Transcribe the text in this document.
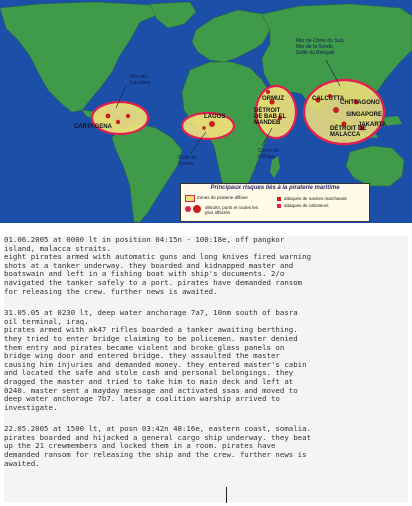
Mer des
Caraïbes
CARTAGENA
Golfe de
Guinée
LAGOS
Corne de
l'Afrique
Mer de Chine du Sud,
Mer de la Sonde,
Golfe du Bengale
ORMUZ
DÉTROIT
DE BAB EL
MANDEB
CALCUTTA
CHITTAGONG
SINGAPORE
DÉTROIT DE
MALACCA
JAKARTA
Principaux risques liés à la piraterie maritime
Zones de piraterie diffuse
détroits, ports et routes les plus affectés
attaques de navires marchands
attaques de caboteurs
01.06.2005 at 0000 lt in position 04:15n - 100:18e, off pangkor
island, malacca straits.
eight pirates armed with automatic guns and long knives fired warning
shots at a tanker underway. they boarded and kidnapped master and
boatswain and left in a fishing boat with ship's documents. 2/o
navigated the tanker safely to a port. pirates have demanded ransom
for releasing the crew. further news is awaited.
31.05.05 at 0230 lt, deep water anchorage 7a7, 10nm south of basra
oil terminal, iraq.
pirates armed with ak47 rifles boarded a tanker awaiting berthing.
they tried to enter bridge claiming to be policemen. master denied
them entry and pirates became violent and broke glass panels on
bridge wing door and entered bridge. they assaulted the master
causing him injuries and demanded money. they entered master's cabin
and located the safe and stole cash and personal belongings. they
dragged the master and tried to take him to main deck and left at
0240. master sent a mayday message and activated ssas and moved to
deep water anchorage 7b7. later a coalition warship arrived to
investigate.
22.05.2005 at 1500 lt, at posn 03:42n 48:16e, eastern coast, somalia.
pirates boarded and hijacked a general cargo ship underway. they beat
up the 21 crewmembers and locked them in a room. pirates have
demanded ransom for releasing the ship and the crew. further news is
awaited.
